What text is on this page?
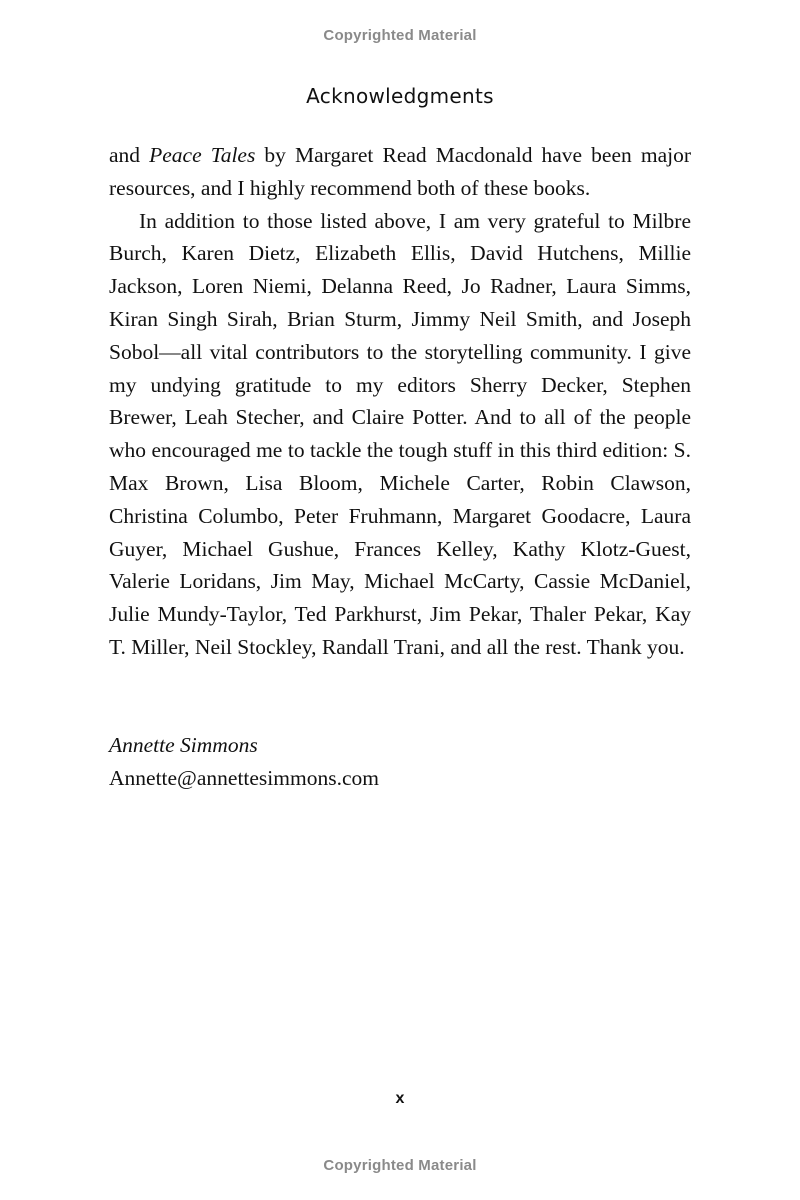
Copyrighted Material
Acknowledgments

and Peace Tales by Margaret Read Macdonald have been major resources, and I highly recommend both of these books.

In addition to those listed above, I am very grateful to Milbre Burch, Karen Dietz, Elizabeth Ellis, David Hutchens, Millie Jackson, Loren Niemi, Delanna Reed, Jo Radner, Laura Simms, Kiran Singh Sirah, Brian Sturm, Jimmy Neil Smith, and Joseph Sobol—all vital contributors to the storytelling community. I give my undying gratitude to my editors Sherry Decker, Stephen Brewer, Leah Stecher, and Claire Potter. And to all of the people who encouraged me to tackle the tough stuff in this third edition: S. Max Brown, Lisa Bloom, Michele Carter, Robin Clawson, Christina Columbo, Peter Fruhmann, Margaret Goodacre, Laura Guyer, Michael Gushue, Frances Kelley, Kathy Klotz-Guest, Valerie Loridans, Jim May, Michael McCarty, Cassie McDaniel, Julie Mundy-Taylor, Ted Parkhurst, Jim Pekar, Thaler Pekar, Kay T. Miller, Neil Stockley, Randall Trani, and all the rest. Thank you.

Annette Simmons
Annette@annettesimmons.com
x
Copyrighted Material
